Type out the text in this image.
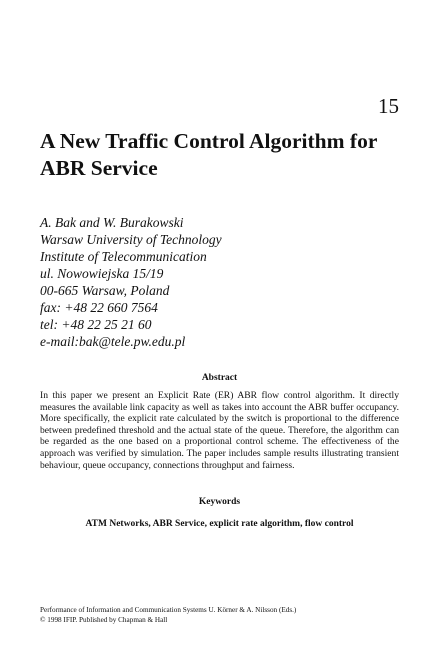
15
A New Traffic Control Algorithm for ABR Service
A. Bak and W. Burakowski
Warsaw University of Technology
Institute of Telecommunication
ul. Nowowiejska 15/19
00-665 Warsaw, Poland
fax: +48 22 660 7564
tel: +48 22 25 21 60
e-mail:bak@tele.pw.edu.pl
Abstract

In this paper we present an Explicit Rate (ER) ABR flow control algorithm. It directly measures the available link capacity as well as takes into account the ABR buffer occupancy. More specifically, the explicit rate calculated by the switch is proportional to the difference between predefined threshold and the actual state of the queue. Therefore, the algorithm can be regarded as the one based on a proportional control scheme. The effectiveness of the approach was verified by simulation. The paper includes sample results illustrating transient behaviour, queue occupancy, connections throughput and fairness.

Keywords
ATM Networks, ABR Service, explicit rate algorithm, flow control
Performance of Information and Communication Systems U. Körner & A. Nilsson (Eds.)
© 1998 IFIP. Published by Chapman & Hall
